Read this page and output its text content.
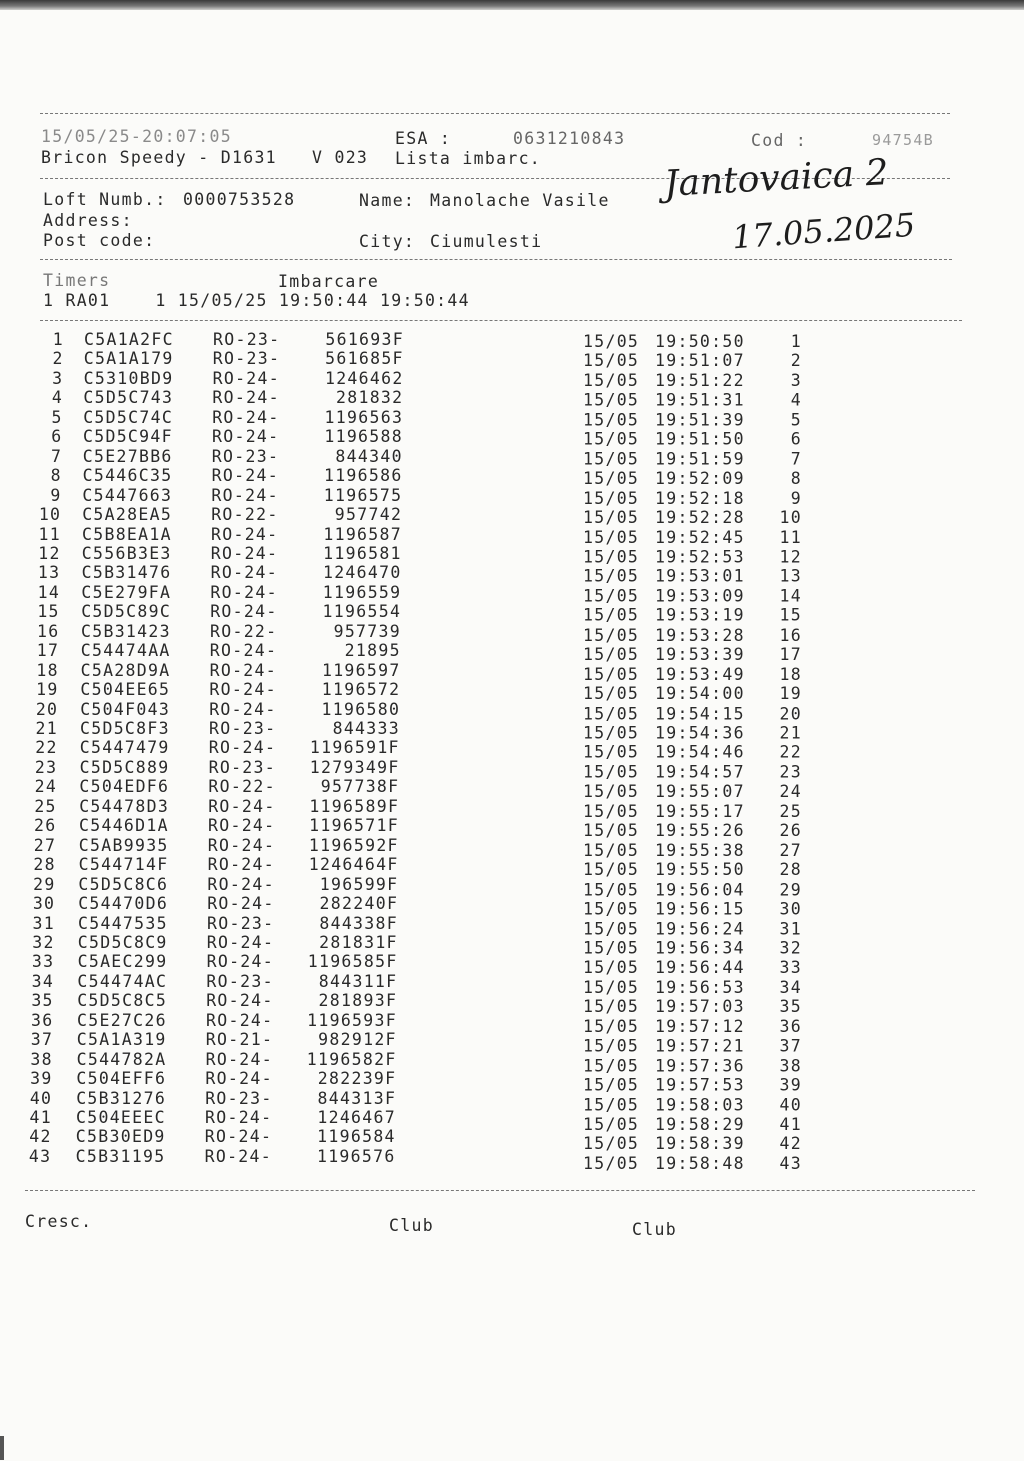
15/05/25-20:07:05	ESA :	0631210843	Cod :	94754B
Bricon Speedy - D1631 V 023 Lista imbarc.
Loft Numb.: 0000753528	Name: Manolache Vasile
Address:
Post code:	City: Ciumulesti
Jantovaica 2
17.05.2025
Timers	Imbarcare
1 RA01    1 15/05/25 19:50:44 19:50:44
1 C5A1A2FC RO-23-	561693F	15/05 19:50:50	1
2 C5A1A179 RO-23-	561685F	15/05 19:51:07	2
3 C5310BD9 RO-24-	1246462	15/05 19:51:22	3
4 C5D5C743 RO-24-	281832	15/05 19:51:31	4
5 C5D5C74C RO-24-	1196563	15/05 19:51:39	5
6 C5D5C94F RO-24-	1196588	15/05 19:51:50	6
7 C5E27BB6 RO-23-	844340	15/05 19:51:59	7
8 C5446C35 RO-24-	1196586	15/05 19:52:09	8
9 C5447663 RO-24-	1196575	15/05 19:52:18	9
10 C5A28EA5 RO-22-	957742	15/05 19:52:28	10
11 C5B8EA1A RO-24-	1196587	15/05 19:52:45	11
12 C556B3E3 RO-24-	1196581	15/05 19:52:53	12
13 C5B31476 RO-24-	1246470	15/05 19:53:01	13
14 C5E279FA RO-24-	1196559	15/05 19:53:09	14
15 C5D5C89C RO-24-	1196554	15/05 19:53:19	15
16 C5B31423 RO-22-	957739	15/05 19:53:28	16
17 C54474AA RO-24-	21895	15/05 19:53:39	17
18 C5A28D9A RO-24-	1196597	15/05 19:53:49	18
19 C504EE65 RO-24-	1196572	15/05 19:54:00	19
20 C504F043 RO-24-	1196580	15/05 19:54:15	20
21 C5D5C8F3 RO-23-	844333	15/05 19:54:36	21
22 C5447479 RO-24-	1196591F	15/05 19:54:46	22
23 C5D5C889 RO-23-	1279349F	15/05 19:54:57	23
24 C504EDF6 RO-22-	957738F	15/05 19:55:07	24
25 C54478D3 RO-24-	1196589F	15/05 19:55:17	25
26 C5446D1A RO-24-	1196571F	15/05 19:55:26	26
27 C5AB9935 RO-24-	1196592F	15/05 19:55:38	27
28 C544714F RO-24-	1246464F	15/05 19:55:50	28
29 C5D5C8C6 RO-24-	196599F	15/05 19:56:04	29
30 C54470D6 RO-24-	282240F	15/05 19:56:15	30
31 C5447535 RO-23-	844338F	15/05 19:56:24	31
32 C5D5C8C9 RO-24-	281831F	15/05 19:56:34	32
33 C5AEC299 RO-24-	1196585F	15/05 19:56:44	33
34 C54474AC RO-23-	844311F	15/05 19:56:53	34
35 C5D5C8C5 RO-24-	281893F	15/05 19:57:03	35
36 C5E27C26 RO-24-	1196593F	15/05 19:57:12	36
37 C5A1A319 RO-21-	982912F	15/05 19:57:21	37
38 C544782A RO-24-	1196582F	15/05 19:57:36	38
39 C504EFF6 RO-24-	282239F	15/05 19:57:53	39
40 C5B31276 RO-23-	844313F	15/05 19:58:03	40
41 C504EEEC RO-24-	1246467	15/05 19:58:29	41
42 C5B30ED9 RO-24-	1196584	15/05 19:58:39	42
43 C5B31195 RO-24-	1196576	15/05 19:58:48	43
Cresc.	Club	Club
